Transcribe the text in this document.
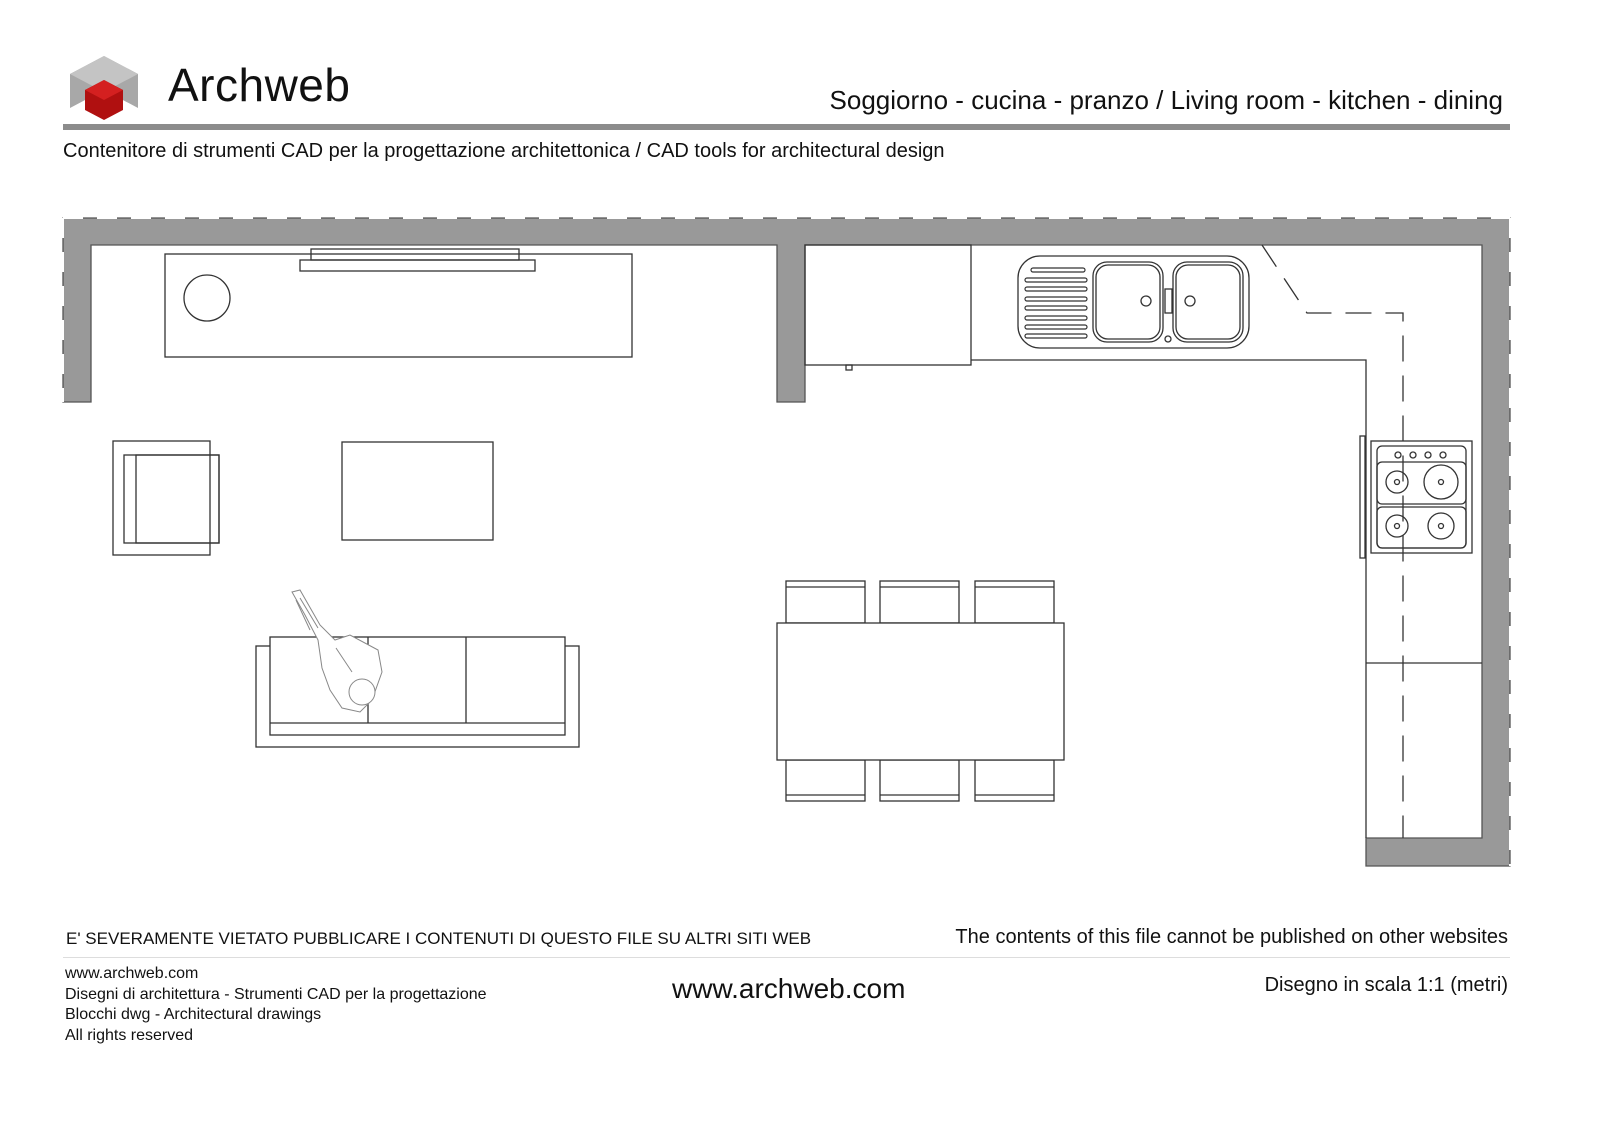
Archweb	Soggiorno - cucina - pranzo / Living room - kitchen - dining
Contenitore di strumenti CAD per la progettazione architettonica / CAD tools for architectural design
E' SEVERAMENTE VIETATO PUBBLICARE I CONTENUTI DI QUESTO FILE SU ALTRI SITI WEB	The contents of this file cannot be published on other websites
www.archweb.com
Disegni di architettura - Strumenti CAD per la progettazione
Blocchi dwg - Architectural drawings
All rights reserved
www.archweb.com	Disegno in scala 1:1 (metri)
